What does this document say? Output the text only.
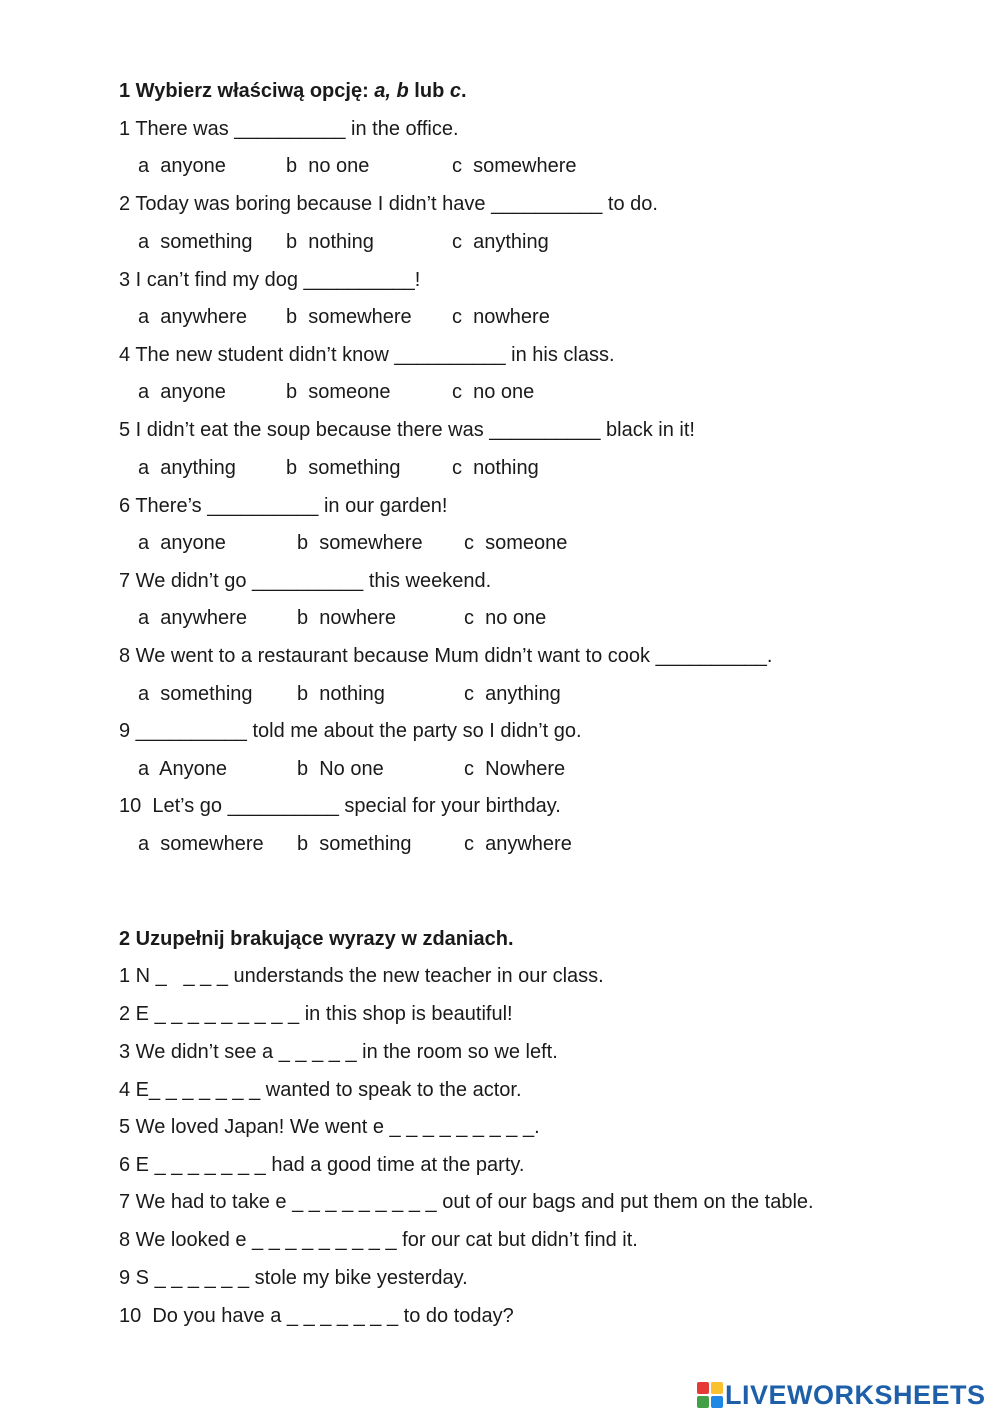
1 Wybierz właściwą opcję: a, b lub c.
1 There was __________ in the office.
a  anyone	b  no one	c  somewhere
2 Today was boring because I didn’t have __________ to do.
a  something b  nothing	c  anything
3 I can’t find my dog __________!
a  anywhere b  somewhere c  nowhere
4 The new student didn’t know __________ in his class.
a  anyone	b  someone	c  no one
5 I didn’t eat the soup because there was __________ black in it!
a  anything	b  something	c  nothing
6 There’s __________ in our garden!
a  anyone	b  somewhere c  someone
7 We didn’t go __________ this weekend.
a  anywhere	b  nowhere	c  no one
8 We went to a restaurant because Mum didn’t want to cook __________.
a  something b  nothing	c  anything
9 __________ told me about the party so I didn’t go.
a  Anyone	b  No one	c  Nowhere
10  Let’s go __________ special for your birthday.
a  somewhere b  something	c  anywhere
2 Uzupełnij brakujące wyrazy w zdaniach.
1 N _   _ _ _ understands the new teacher in our class.
2 E _ _ _ _ _ _ _ _ _ in this shop is beautiful!
3 We didn’t see a _ _ _ _ _ in the room so we left.
4 E_ _ _ _ _ _ _ wanted to speak to the actor.
5 We loved Japan! We went e _ _ _ _ _ _ _ _ _.
6 E _ _ _ _ _ _ _ had a good time at the party.
7 We had to take e _ _ _ _ _ _ _ _ _ out of our bags and put them on the table.
8 We looked e _ _ _ _ _ _ _ _ _ for our cat but didn’t find it.
9 S _ _ _ _ _ _ stole my bike yesterday.
10  Do you have a _ _ _ _ _ _ _ to do today?
LIVEWORKSHEETS
